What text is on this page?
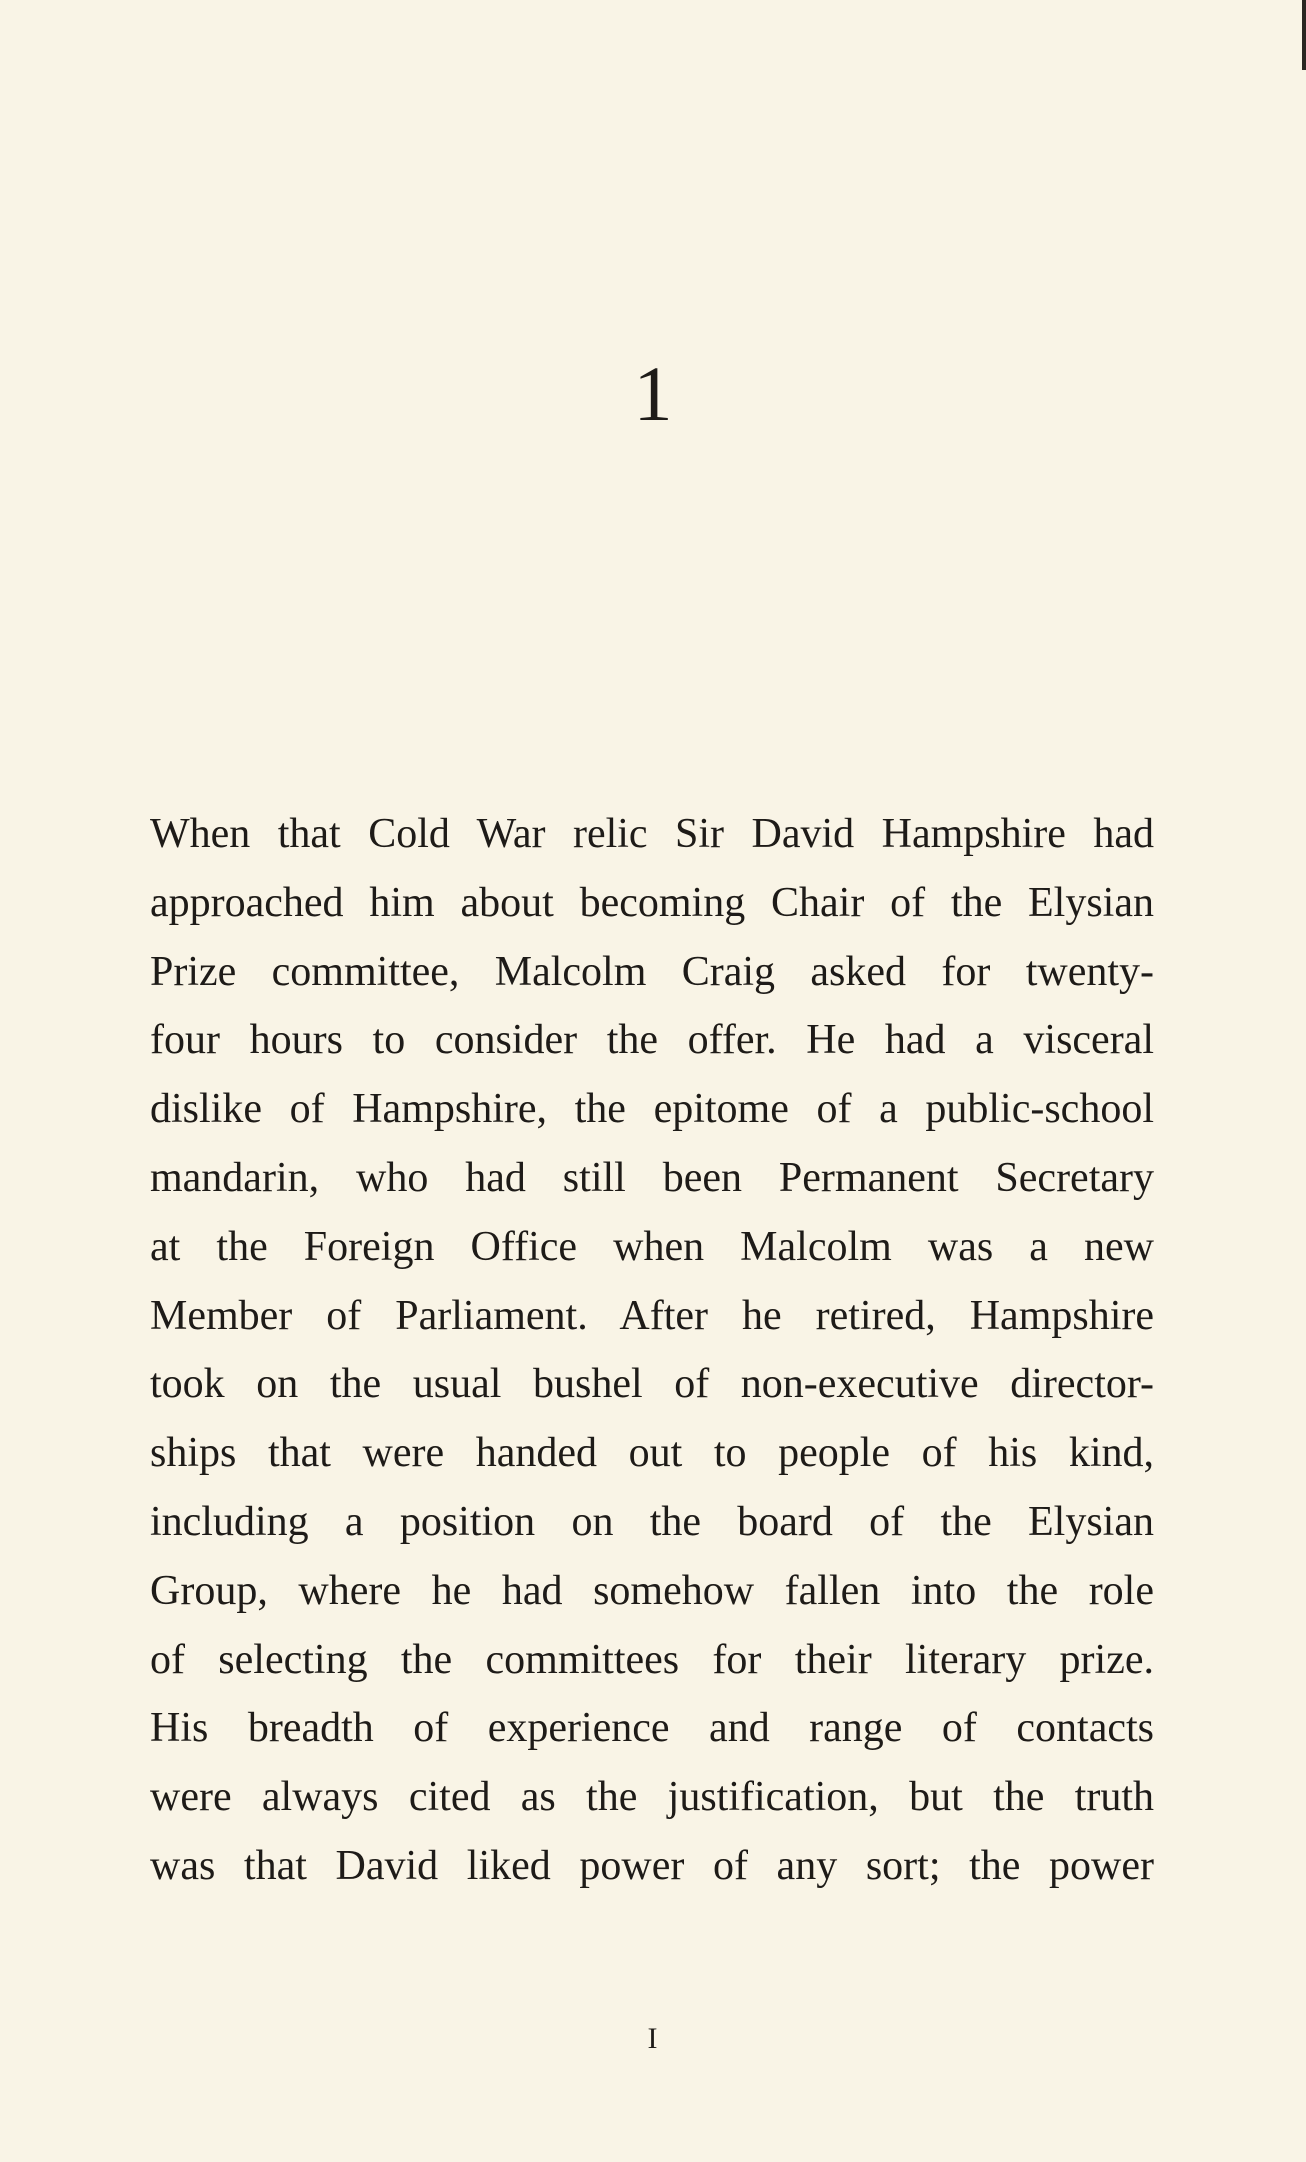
1
When that Cold War relic Sir David Hampshire had
approached him about becoming Chair of the Elysian
Prize committee, Malcolm Craig asked for twenty-
four hours to consider the offer. He had a visceral
dislike of Hampshire, the epitome of a public-school
mandarin, who had still been Permanent Secretary
at the Foreign Office when Malcolm was a new
Member of Parliament. After he retired, Hampshire
took on the usual bushel of non-executive director-
ships that were handed out to people of his kind,
including a position on the board of the Elysian
Group, where he had somehow fallen into the role
of selecting the committees for their literary prize.
His breadth of experience and range of contacts
were always cited as the justification, but the truth
was that David liked power of any sort; the power
I
